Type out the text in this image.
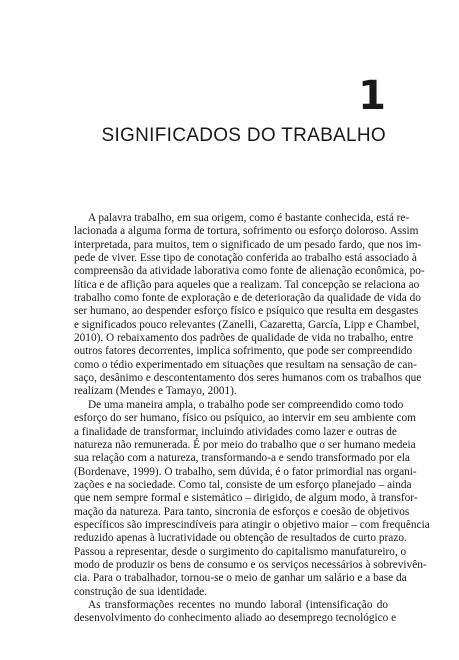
1
SIGNIFICADOS DO TRABALHO

A palavra trabalho, em sua origem, como é bastante conhecida, está re-
lacionada a alguma forma de tortura, sofrimento ou esforço doloroso. Assim
interpretada, para muitos, tem o significado de um pesado fardo, que nos im-
pede de viver. Esse tipo de conotação conferida ao trabalho está associado à
compreensão da atividade laborativa como fonte de alienação econômica, po-
lítica e de aflição para aqueles que a realizam. Tal concepção se relaciona ao
trabalho como fonte de exploração e de deterioração da qualidade de vida do
ser humano, ao despender esforço físico e psíquico que resulta em desgastes
e significados pouco relevantes (Zanelli, Cazaretta, García, Lipp e Chambel,
2010). O rebaixamento dos padrões de qualidade de vida no trabalho, entre
outros fatores decorrentes, implica sofrimento, que pode ser compreendido
como o tédio experimentado em situações que resultam na sensação de can-
saço, desânimo e descontentamento dos seres humanos com os trabalhos que
realizam (Mendes e Tamayo, 2001).

De uma maneira ampla, o trabalho pode ser compreendido como todo
esforço do ser humano, físico ou psíquico, ao intervir em seu ambiente com
a finalidade de transformar, incluindo atividades como lazer e outras de
natureza não remunerada. É por meio do trabalho que o ser humano medeia
sua relação com a natureza, transformando-a e sendo transformado por ela
(Bordenave, 1999). O trabalho, sem dúvida, é o fator primordial nas organi-
zações e na sociedade. Como tal, consiste de um esforço planejado – ainda
que nem sempre formal e sistemático – dirigido, de algum modo, à transfor-
mação da natureza. Para tanto, sincronia de esforços e coesão de objetivos
específicos são imprescindíveis para atingir o objetivo maior – com frequência
reduzido apenas à lucratividade ou obtenção de resultados de curto prazo.
Passou a representar, desde o surgimento do capitalismo manufatureiro, o
modo de produzir os bens de consumo e os serviços necessários à sobrevivên-
cia. Para o trabalhador, tornou-se o meio de ganhar um salário e a base da
construção de sua identidade.

As transformações recentes no mundo laboral (intensificação do
desenvolvimento do conhecimento aliado ao desemprego tecnológico e
